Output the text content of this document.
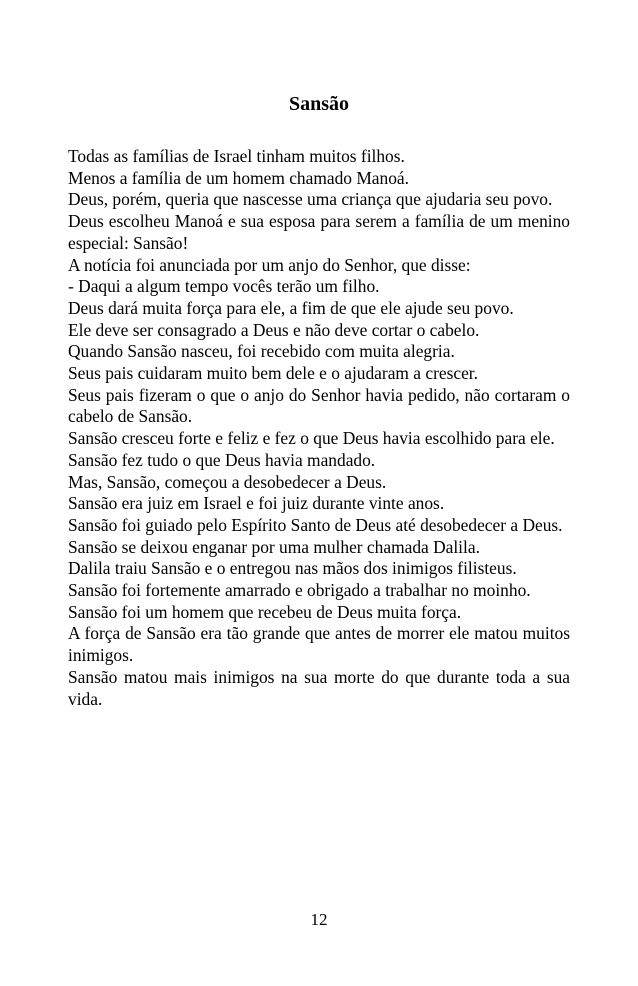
Sansão

Todas as famílias de Israel tinham muitos filhos.

Menos a família de um homem chamado Manoá.

Deus, porém, queria que nascesse uma criança que ajudaria seu povo.

Deus escolheu Manoá e sua esposa para serem a família de um menino especial: Sansão!

A notícia foi anunciada por um anjo do Senhor, que disse:

- Daqui a algum tempo vocês terão um filho.

Deus dará muita força para ele, a fim de que ele ajude seu povo.

Ele deve ser consagrado a Deus e não deve cortar o cabelo.

Quando Sansão nasceu, foi recebido com muita alegria.

Seus pais cuidaram muito bem dele e o ajudaram a crescer.

Seus pais fizeram o que o anjo do Senhor havia pedido, não cortaram o cabelo de Sansão.

Sansão cresceu forte e feliz e fez o que Deus havia escolhido para ele.

Sansão fez tudo o que Deus havia mandado.

Mas, Sansão, começou a desobedecer a Deus.

Sansão era juiz em Israel e foi juiz durante vinte anos.

Sansão foi guiado pelo Espírito Santo de Deus até desobedecer a Deus.

Sansão se deixou enganar por uma mulher chamada Dalila.

Dalila traiu Sansão e o entregou nas mãos dos inimigos filisteus.

Sansão foi fortemente amarrado e obrigado a trabalhar no moinho.

Sansão foi um homem que recebeu de Deus muita força.

A força de Sansão era tão grande que antes de morrer ele matou muitos inimigos.

Sansão matou mais inimigos na sua morte do que durante toda a sua vida.

12
